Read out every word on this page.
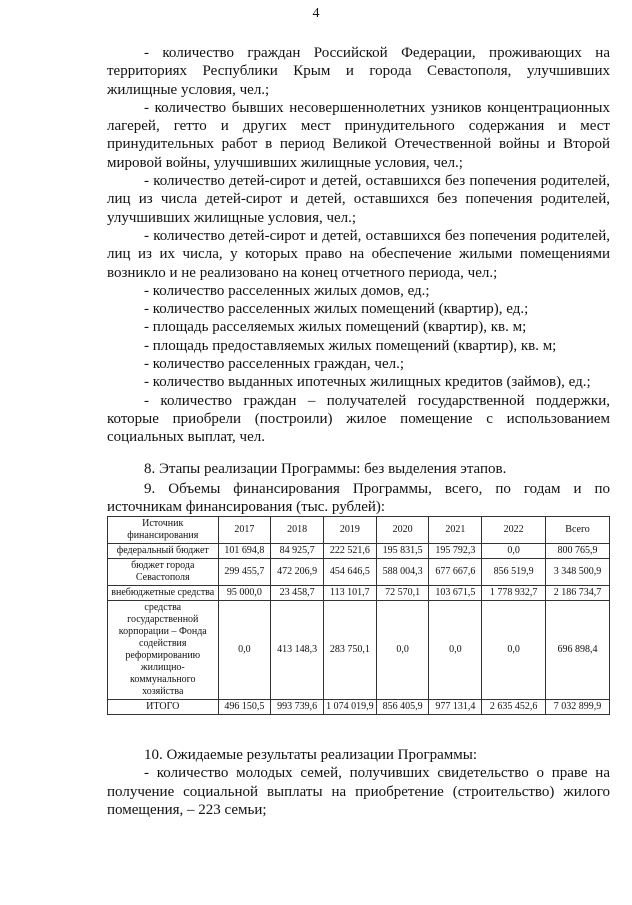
4

- количество граждан Российской Федерации, проживающих на территориях Республики Крым и города Севастополя, улучшивших жилищные условия, чел.;

- количество бывших несовершеннолетних узников концентрационных лагерей, гетто и других мест принудительного содержания и мест принудительных работ в период Великой Отечественной войны и Второй мировой войны, улучшивших жилищные условия, чел.;

- количество детей-сирот и детей, оставшихся без попечения родителей, лиц из числа детей-сирот и детей, оставшихся без попечения родителей, улучшивших жилищные условия, чел.;

- количество детей-сирот и детей, оставшихся без попечения родителей, лиц из их числа, у которых право на обеспечение жилыми помещениями возникло и не реализовано на конец отчетного периода, чел.;

- количество расселенных жилых домов, ед.;

- количество расселенных жилых помещений (квартир), ед.;

- площадь расселяемых жилых помещений (квартир), кв. м;

- площадь предоставляемых жилых помещений (квартир), кв. м;

- количество расселенных граждан, чел.;

- количество выданных ипотечных жилищных кредитов (займов), ед.;

- количество граждан – получателей государственной поддержки, которые приобрели (построили) жилое помещение с использованием социальных выплат, чел.

8. Этапы реализации Программы: без выделения этапов.

9. Объемы финансирования Программы, всего, по годам и по источникам финансирования (тыс. рублей):

Источник финансирования	2017	2018	2019	2020	2021	2022	Всего
федеральный бюджет	101 694,8	84 925,7	222 521,6	195 831,5	195 792,3	0,0	800 765,9
бюджет города Севастополя	299 455,7	472 206,9	454 646,5	588 004,3	677 667,6	856 519,9	3 348 500,9
внебюджетные средства	95 000,0	23 458,7	113 101,7	72 570,1	103 671,5	1 778 932,7	2 186 734,7
средства государственной корпорации – Фонда содействия реформированию жилищно-коммунального хозяйства	0,0	413 148,3	283 750,1	0,0	0,0	0,0	696 898,4
ИТОГО	496 150,5	993 739,6	1 074 019,9	856 405,9	977 131,4	2 635 452,6	7 032 899,9

10. Ожидаемые результаты реализации Программы:

- количество молодых семей, получивших свидетельство о праве на получение социальной выплаты на приобретение (строительство) жилого помещения, – 223 семьи;
